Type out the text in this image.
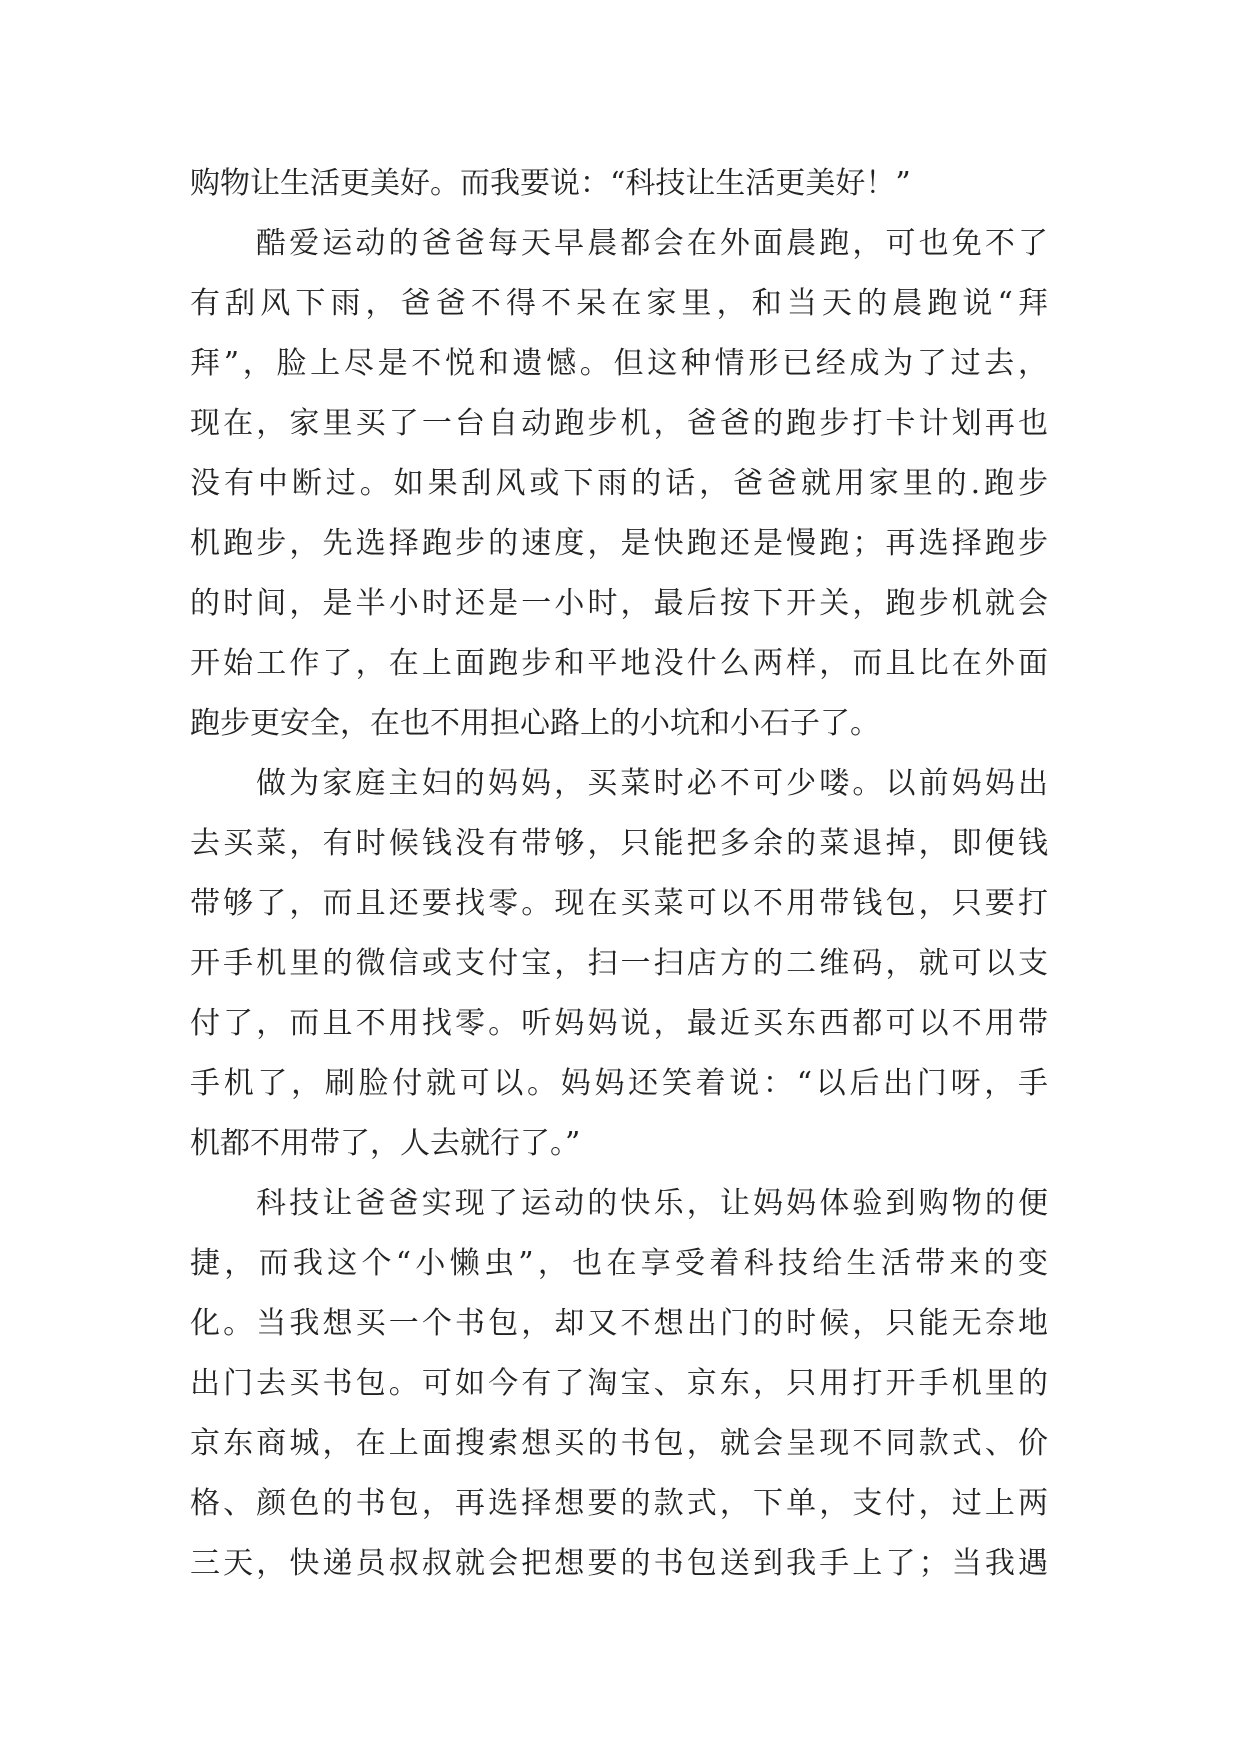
购物让生活更美好。而我要说：“科技让生活更美好！”
酷爱运动的爸爸每天早晨都会在外面晨跑，可也免不了
有刮风下雨，爸爸不得不呆在家里，和当天的晨跑说“拜
拜”，脸上尽是不悦和遗憾。但这种情形已经成为了过去，
现在，家里买了一台自动跑步机，爸爸的跑步打卡计划再也
没有中断过。如果刮风或下雨的话，爸爸就用家里的.跑步
机跑步，先选择跑步的速度，是快跑还是慢跑；再选择跑步
的时间，是半小时还是一小时，最后按下开关，跑步机就会
开始工作了，在上面跑步和平地没什么两样，而且比在外面
跑步更安全，在也不用担心路上的小坑和小石子了。
做为家庭主妇的妈妈，买菜时必不可少喽。以前妈妈出
去买菜，有时候钱没有带够，只能把多余的菜退掉，即便钱
带够了，而且还要找零。现在买菜可以不用带钱包，只要打
开手机里的微信或支付宝，扫一扫店方的二维码，就可以支
付了，而且不用找零。听妈妈说，最近买东西都可以不用带
手机了，刷脸付就可以。妈妈还笑着说：“以后出门呀，手
机都不用带了，人去就行了。”
科技让爸爸实现了运动的快乐，让妈妈体验到购物的便
捷，而我这个“小懒虫”，也在享受着科技给生活带来的变
化。当我想买一个书包，却又不想出门的时候，只能无奈地
出门去买书包。可如今有了淘宝、京东，只用打开手机里的
京东商城，在上面搜索想买的书包，就会呈现不同款式、价
格、颜色的书包，再选择想要的款式，下单，支付，过上两
三天，快递员叔叔就会把想要的书包送到我手上了；当我遇
